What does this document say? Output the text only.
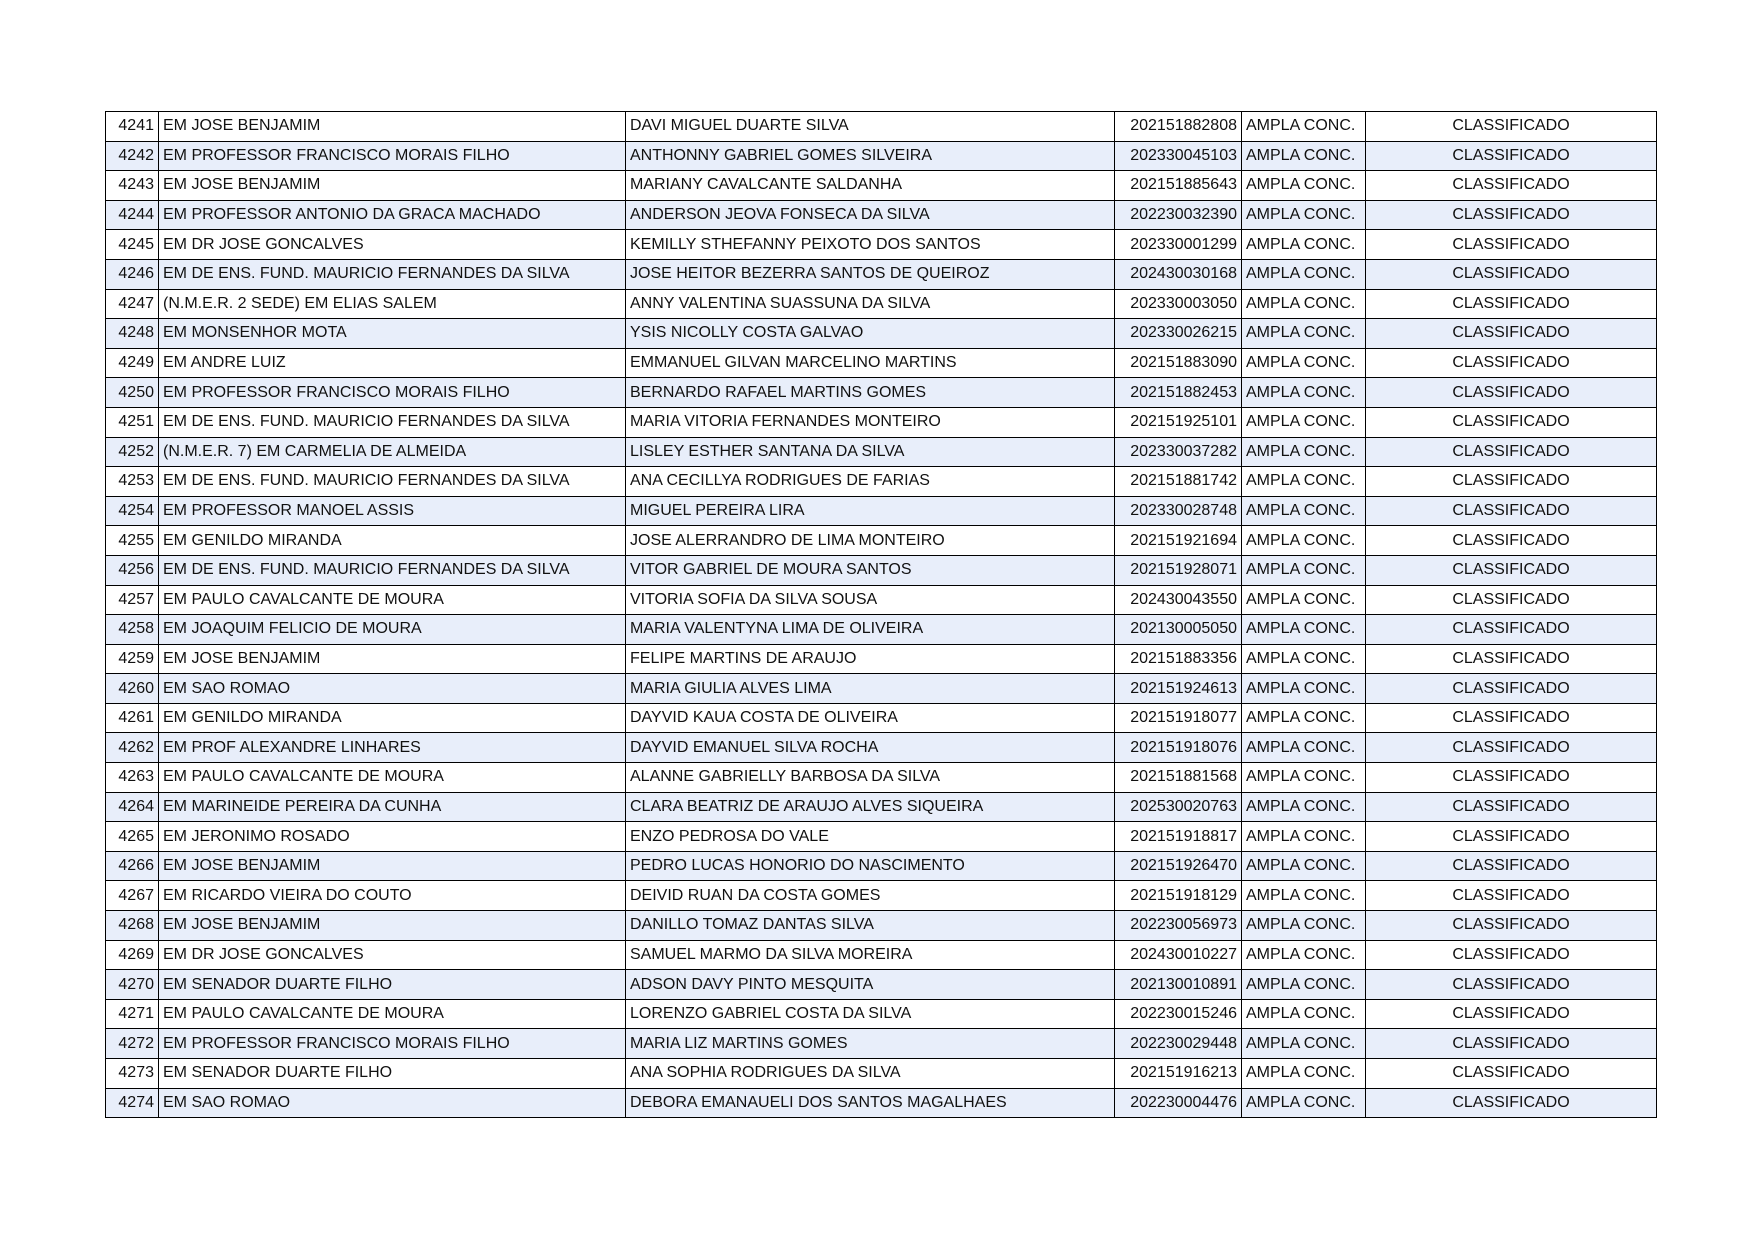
4241	EM JOSE BENJAMIM	DAVI MIGUEL DUARTE SILVA	202151882808	AMPLA CONC.	CLASSIFICADO
4242	EM PROFESSOR FRANCISCO MORAIS FILHO	ANTHONNY GABRIEL GOMES SILVEIRA	202330045103	AMPLA CONC.	CLASSIFICADO
4243	EM JOSE BENJAMIM	MARIANY CAVALCANTE SALDANHA	202151885643	AMPLA CONC.	CLASSIFICADO
4244	EM PROFESSOR ANTONIO DA GRACA MACHADO	ANDERSON JEOVA FONSECA DA SILVA	202230032390	AMPLA CONC.	CLASSIFICADO
4245	EM DR JOSE GONCALVES	KEMILLY STHEFANNY PEIXOTO DOS SANTOS	202330001299	AMPLA CONC.	CLASSIFICADO
4246	EM DE ENS. FUND. MAURICIO FERNANDES DA SILVA	JOSE HEITOR BEZERRA SANTOS DE QUEIROZ	202430030168	AMPLA CONC.	CLASSIFICADO
4247	(N.M.E.R. 2 SEDE) EM ELIAS SALEM	ANNY VALENTINA SUASSUNA DA SILVA	202330003050	AMPLA CONC.	CLASSIFICADO
4248	EM MONSENHOR MOTA	YSIS NICOLLY COSTA GALVAO	202330026215	AMPLA CONC.	CLASSIFICADO
4249	EM ANDRE LUIZ	EMMANUEL GILVAN MARCELINO MARTINS	202151883090	AMPLA CONC.	CLASSIFICADO
4250	EM PROFESSOR FRANCISCO MORAIS FILHO	BERNARDO RAFAEL MARTINS GOMES	202151882453	AMPLA CONC.	CLASSIFICADO
4251	EM DE ENS. FUND. MAURICIO FERNANDES DA SILVA	MARIA VITORIA FERNANDES MONTEIRO	202151925101	AMPLA CONC.	CLASSIFICADO
4252	(N.M.E.R. 7) EM CARMELIA DE ALMEIDA	LISLEY ESTHER SANTANA DA SILVA	202330037282	AMPLA CONC.	CLASSIFICADO
4253	EM DE ENS. FUND. MAURICIO FERNANDES DA SILVA	ANA CECILLYA RODRIGUES DE FARIAS	202151881742	AMPLA CONC.	CLASSIFICADO
4254	EM PROFESSOR MANOEL ASSIS	MIGUEL PEREIRA LIRA	202330028748	AMPLA CONC.	CLASSIFICADO
4255	EM GENILDO MIRANDA	JOSE ALERRANDRO DE LIMA MONTEIRO	202151921694	AMPLA CONC.	CLASSIFICADO
4256	EM DE ENS. FUND. MAURICIO FERNANDES DA SILVA	VITOR GABRIEL DE MOURA SANTOS	202151928071	AMPLA CONC.	CLASSIFICADO
4257	EM PAULO CAVALCANTE DE MOURA	VITORIA SOFIA DA SILVA SOUSA	202430043550	AMPLA CONC.	CLASSIFICADO
4258	EM JOAQUIM FELICIO DE MOURA	MARIA VALENTYNA LIMA DE OLIVEIRA	202130005050	AMPLA CONC.	CLASSIFICADO
4259	EM JOSE BENJAMIM	FELIPE MARTINS DE ARAUJO	202151883356	AMPLA CONC.	CLASSIFICADO
4260	EM SAO ROMAO	MARIA GIULIA ALVES LIMA	202151924613	AMPLA CONC.	CLASSIFICADO
4261	EM GENILDO MIRANDA	DAYVID KAUA COSTA DE OLIVEIRA	202151918077	AMPLA CONC.	CLASSIFICADO
4262	EM PROF ALEXANDRE LINHARES	DAYVID EMANUEL SILVA ROCHA	202151918076	AMPLA CONC.	CLASSIFICADO
4263	EM PAULO CAVALCANTE DE MOURA	ALANNE GABRIELLY BARBOSA DA SILVA	202151881568	AMPLA CONC.	CLASSIFICADO
4264	EM MARINEIDE PEREIRA DA CUNHA	CLARA BEATRIZ DE ARAUJO ALVES SIQUEIRA	202530020763	AMPLA CONC.	CLASSIFICADO
4265	EM JERONIMO ROSADO	ENZO PEDROSA DO VALE	202151918817	AMPLA CONC.	CLASSIFICADO
4266	EM JOSE BENJAMIM	PEDRO LUCAS HONORIO DO NASCIMENTO	202151926470	AMPLA CONC.	CLASSIFICADO
4267	EM RICARDO VIEIRA DO COUTO	DEIVID RUAN DA COSTA GOMES	202151918129	AMPLA CONC.	CLASSIFICADO
4268	EM JOSE BENJAMIM	DANILLO TOMAZ DANTAS SILVA	202230056973	AMPLA CONC.	CLASSIFICADO
4269	EM DR JOSE GONCALVES	SAMUEL MARMO DA SILVA MOREIRA	202430010227	AMPLA CONC.	CLASSIFICADO
4270	EM SENADOR DUARTE FILHO	ADSON DAVY PINTO MESQUITA	202130010891	AMPLA CONC.	CLASSIFICADO
4271	EM PAULO CAVALCANTE DE MOURA	LORENZO GABRIEL COSTA DA SILVA	202230015246	AMPLA CONC.	CLASSIFICADO
4272	EM PROFESSOR FRANCISCO MORAIS FILHO	MARIA LIZ MARTINS GOMES	202230029448	AMPLA CONC.	CLASSIFICADO
4273	EM SENADOR DUARTE FILHO	ANA SOPHIA RODRIGUES DA SILVA	202151916213	AMPLA CONC.	CLASSIFICADO
4274	EM SAO ROMAO	DEBORA EMANAUELI DOS SANTOS MAGALHAES	202230004476	AMPLA CONC.	CLASSIFICADO
